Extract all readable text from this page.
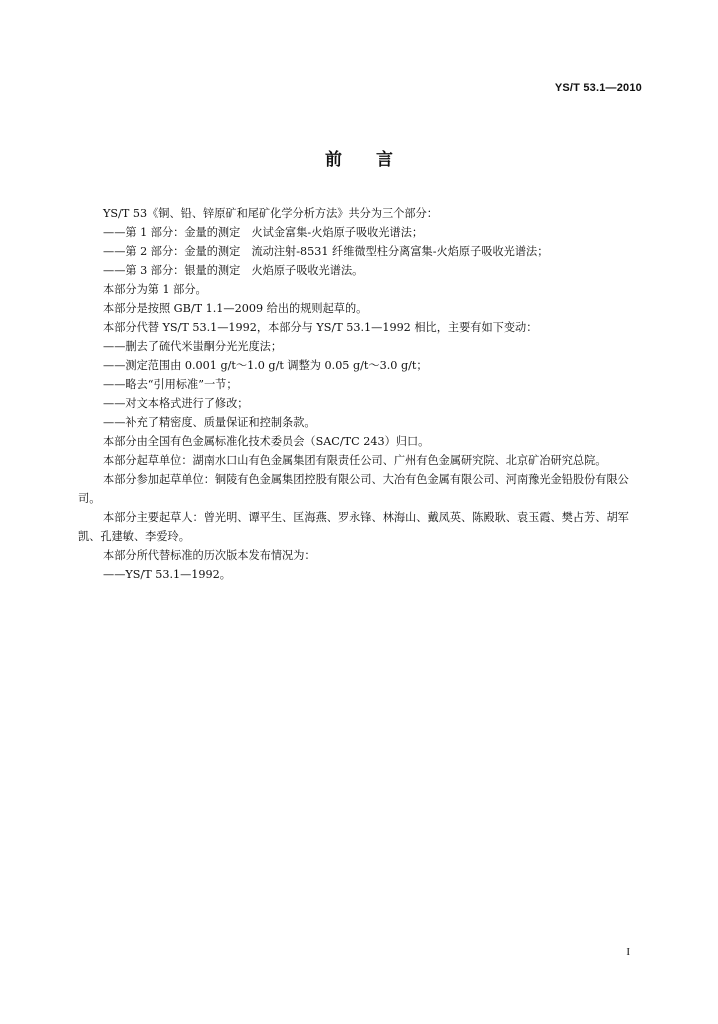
YS/T 53.1—2010
前言

YS/T 53《铜、铅、锌原矿和尾矿化学分析方法》共分为三个部分：

——第 1 部分：金量的测定　火试金富集-火焰原子吸收光谱法；

——第 2 部分：金量的测定　流动注射-8531 纤维微型柱分离富集-火焰原子吸收光谱法；

——第 3 部分：银量的测定　火焰原子吸收光谱法。

本部分为第 1 部分。

本部分是按照 GB/T 1.1—2009 给出的规则起草的。

本部分代替 YS/T 53.1—1992，本部分与 YS/T 53.1—1992 相比，主要有如下变动：

——删去了硫代米蚩酮分光光度法；

——测定范围由 0.001 g/t～1.0 g/t 调整为 0.05 g/t～3.0 g/t；

——略去“引用标准”一节；

——对文本格式进行了修改；

——补充了精密度、质量保证和控制条款。

本部分由全国有色金属标准化技术委员会（SAC/TC 243）归口。

本部分起草单位：湖南水口山有色金属集团有限责任公司、广州有色金属研究院、北京矿冶研究总院。

本部分参加起草单位：铜陵有色金属集团控股有限公司、大冶有色金属有限公司、河南豫光金铅股份有限公司。

本部分主要起草人：曾光明、谭平生、匡海燕、罗永锋、林海山、戴凤英、陈殿耿、袁玉霞、樊占芳、胡军凯、孔建敏、李爱玲。

本部分所代替标准的历次版本发布情况为：

——YS/T 53.1—1992。

I
